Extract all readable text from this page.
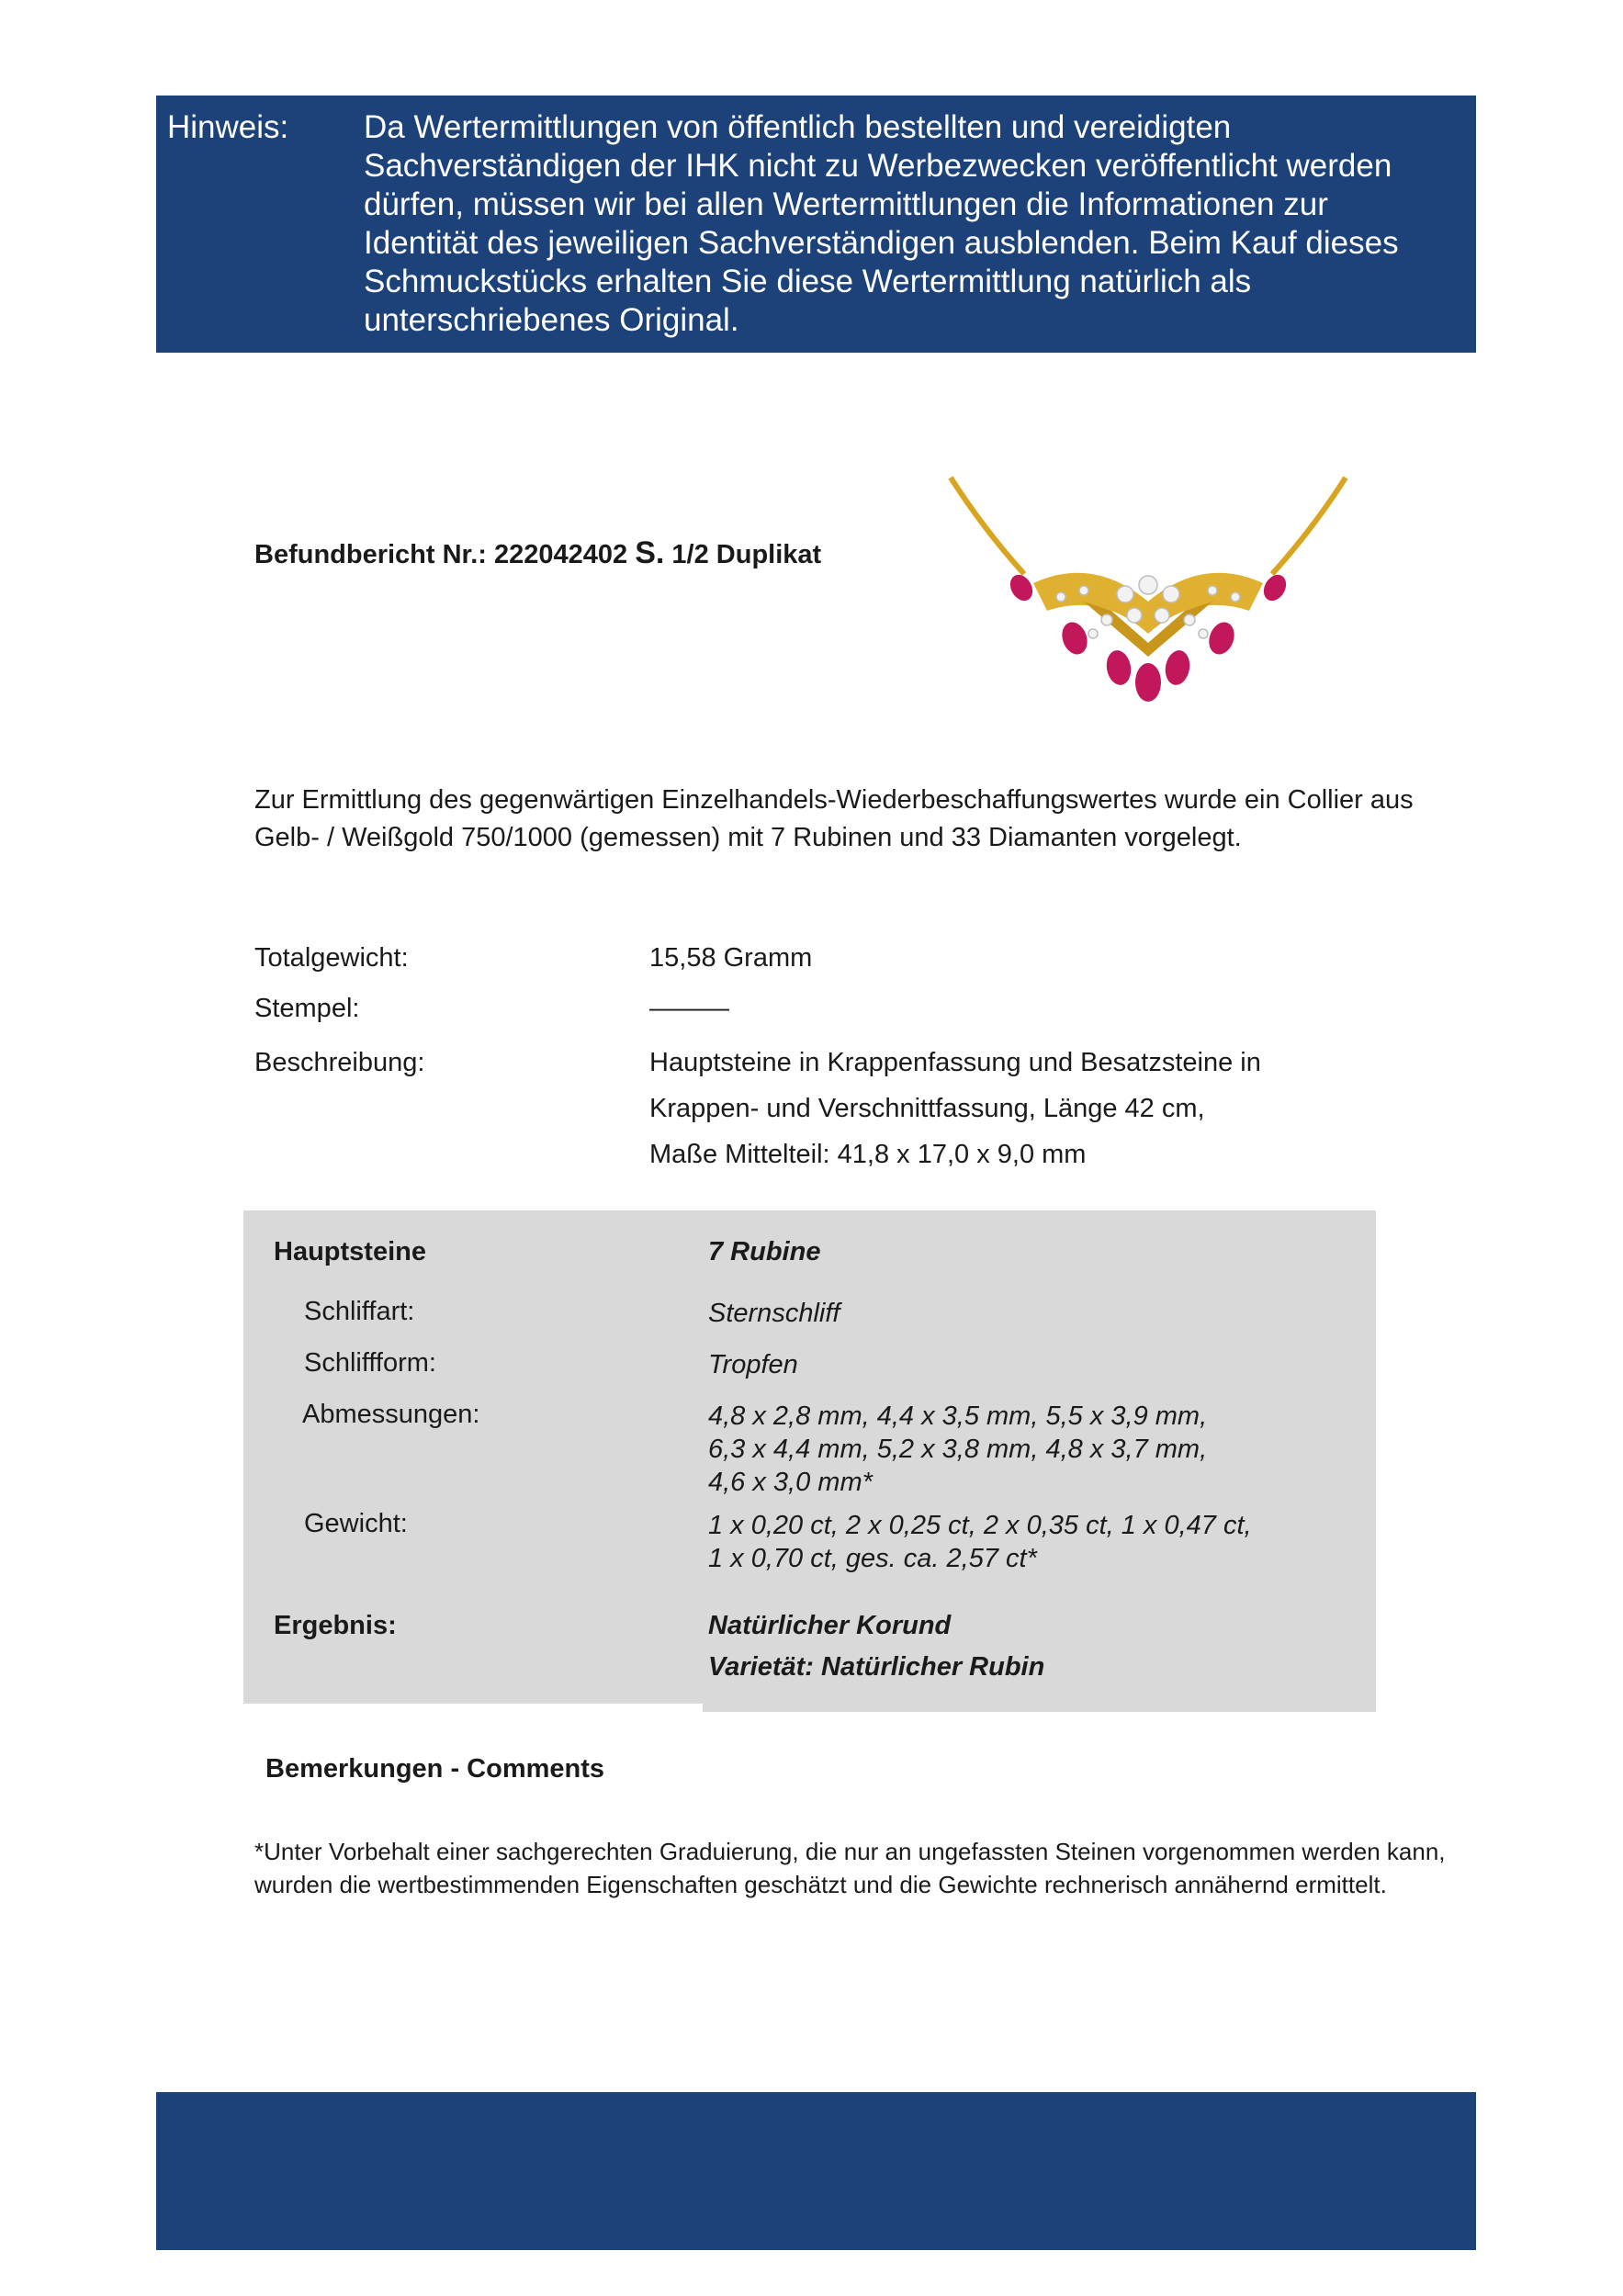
Hinweis: Da Wertermittlungen von öffentlich bestellten und vereidigten Sachverständigen der IHK nicht zu Werbezwecken veröffentlicht werden dürfen, müssen wir bei allen Wertermittlungen die Informationen zur Identität des jeweiligen Sachverständigen ausblenden. Beim Kauf dieses Schmuckstücks erhalten Sie diese Wertermittlung natürlich als unterschriebenes Original.
Befundbericht Nr.: 222042402 S. 1/2 Duplikat
Zur Ermittlung des gegenwärtigen Einzelhandels-Wiederbeschaffungswertes wurde ein Collier aus Gelb- / Weißgold 750/1000 (gemessen) mit 7 Rubinen und 33 Diamanten vorgelegt.
Totalgewicht:	15,58 Gramm
Stempel:	———
Beschreibung:	Hauptsteine in Krappenfassung und Besatzsteine in
Krappen- und Verschnittfassung, Länge 42 cm,
Maße Mittelteil: 41,8 x 17,0 x 9,0 mm
Hauptsteine	7 Rubine
Schliffart:	Sternschliff
Schliffform:	Tropfen
Abmessungen:	4,8 x 2,8 mm, 4,4 x 3,5 mm, 5,5 x 3,9 mm,
6,3 x 4,4 mm, 5,2 x 3,8 mm, 4,8 x 3,7 mm,
4,6 x 3,0 mm*
Gewicht:	1 x 0,20 ct, 2 x 0,25 ct, 2 x 0,35 ct, 1 x 0,47 ct,
1 x 0,70 ct, ges. ca. 2,57 ct*
Ergebnis:	Natürlicher Korund
Varietät: Natürlicher Rubin
Bemerkungen - Comments
*Unter Vorbehalt einer sachgerechten Graduierung, die nur an ungefassten Steinen vorgenommen werden kann, wurden die wertbestimmenden Eigenschaften geschätzt und die Gewichte rechnerisch annähernd ermittelt.
